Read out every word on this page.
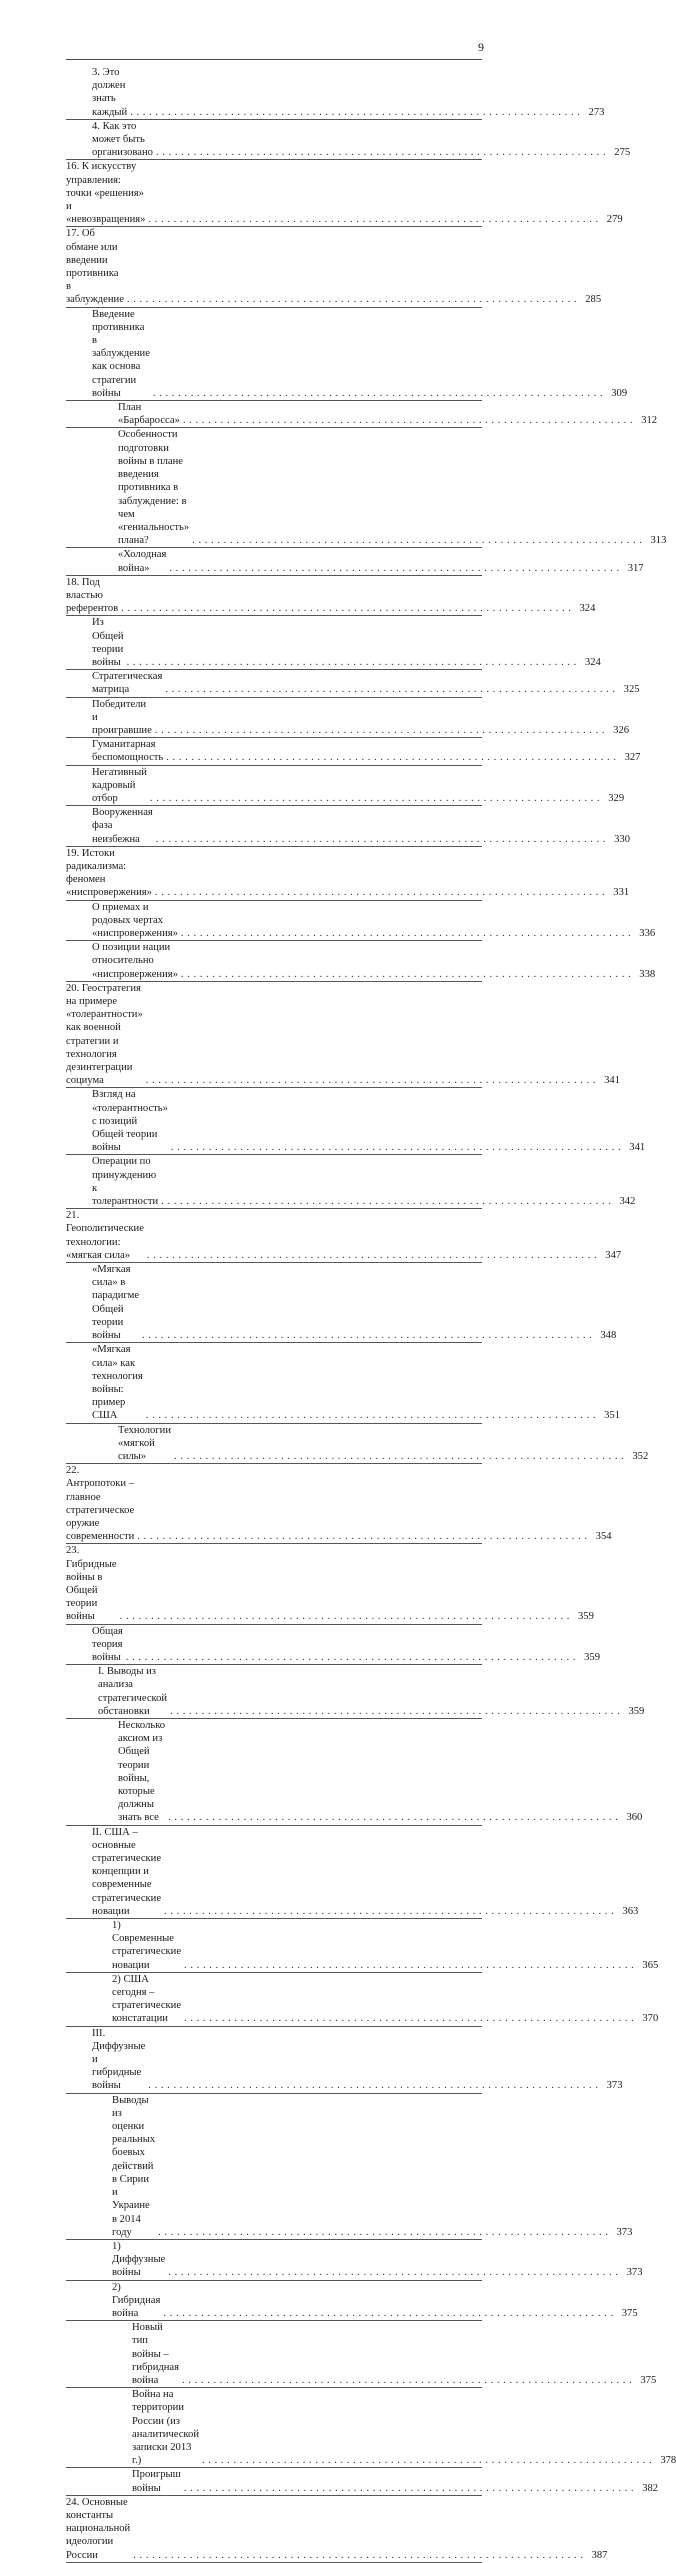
9
3. Это должен знать каждый . . . . . . . . . . . . . . . . . . . . . . . . . . . . . . . . . . . . . . . . . . . . . . . . . . . . . . . . . . . . . . . . . . . . . . . . 273
4. Как это может быть организовано . . . . . . . . . . . . . . . . . . . . . . . . . . . . . . . . . . . . . . . . . . . . . . . . . . . . . . . . . . . . . . . . . . . . . . . . 275
16. К искусству управления: точки «решения» и «невозвращения» . . . . . . . . . . . . . . . . . . . . . . . . . . . . . . . . . . . . . . . . . . . . . . . . . . . . . . . . . . . . . . . . . . . . . . . . 279
17. Об обмане или введении противника в заблуждение . . . . . . . . . . . . . . . . . . . . . . . . . . . . . . . . . . . . . . . . . . . . . . . . . . . . . . . . . . . . . . . . . . . . . . . . 285
Введение противника в заблуждение как основа стратегии войны	. . . . . . . . . . . . . . . . . . . . . . . . . . . . . . . . . . . . . . . . . . . . . . . . . . . . . . . . . . . . . . . . . . . . . . . . 309
План «Барбаросса» . . . . . . . . . . . . . . . . . . . . . . . . . . . . . . . . . . . . . . . . . . . . . . . . . . . . . . . . . . . . . . . . . . . . . . . . 312
Особенности подготовки войны в плане введения противника в заблуждение: в чем «гениальность» плана?	. . . . . . . . . . . . . . . . . . . . . . . . . . . . . . . . . . . . . . . . . . . . . . . . . . . . . . . . . . . . . . . . . . . . . . . . 313
«Холодная война»	. . . . . . . . . . . . . . . . . . . . . . . . . . . . . . . . . . . . . . . . . . . . . . . . . . . . . . . . . . . . . . . . . . . . . . . . 317
18. Под властью референтов . . . . . . . . . . . . . . . . . . . . . . . . . . . . . . . . . . . . . . . . . . . . . . . . . . . . . . . . . . . . . . . . . . . . . . . . 324
Из Общей теории войны . . . . . . . . . . . . . . . . . . . . . . . . . . . . . . . . . . . . . . . . . . . . . . . . . . . . . . . . . . . . . . . . . . . . . . . . 324
Стратегическая матрица	. . . . . . . . . . . . . . . . . . . . . . . . . . . . . . . . . . . . . . . . . . . . . . . . . . . . . . . . . . . . . . . . . . . . . . . . 325
Победители и проигравшие . . . . . . . . . . . . . . . . . . . . . . . . . . . . . . . . . . . . . . . . . . . . . . . . . . . . . . . . . . . . . . . . . . . . . . . . 326
Гуманитарная беспомощность . . . . . . . . . . . . . . . . . . . . . . . . . . . . . . . . . . . . . . . . . . . . . . . . . . . . . . . . . . . . . . . . . . . . . . . . 327
Негативный кадровый отбор	. . . . . . . . . . . . . . . . . . . . . . . . . . . . . . . . . . . . . . . . . . . . . . . . . . . . . . . . . . . . . . . . . . . . . . . . 329
Вооруженная фаза неизбежна	. . . . . . . . . . . . . . . . . . . . . . . . . . . . . . . . . . . . . . . . . . . . . . . . . . . . . . . . . . . . . . . . . . . . . . . . 330
19. Истоки радикализма: феномен «ниспровержения» . . . . . . . . . . . . . . . . . . . . . . . . . . . . . . . . . . . . . . . . . . . . . . . . . . . . . . . . . . . . . . . . . . . . . . . . 331
О приемах и родовых чертах «ниспровержения» . . . . . . . . . . . . . . . . . . . . . . . . . . . . . . . . . . . . . . . . . . . . . . . . . . . . . . . . . . . . . . . . . . . . . . . . 336
О позиции нации относительно «ниспровержения» . . . . . . . . . . . . . . . . . . . . . . . . . . . . . . . . . . . . . . . . . . . . . . . . . . . . . . . . . . . . . . . . . . . . . . . . 338
20. Геостратегия на примере «толерантности» как военной стратегии и технология дезинтеграции социума	. . . . . . . . . . . . . . . . . . . . . . . . . . . . . . . . . . . . . . . . . . . . . . . . . . . . . . . . . . . . . . . . . . . . . . . . 341
Взгляд на «толерантность» с позиций Общей теории войны	. . . . . . . . . . . . . . . . . . . . . . . . . . . . . . . . . . . . . . . . . . . . . . . . . . . . . . . . . . . . . . . . . . . . . . . . 341
Операции по принуждению к толерантности . . . . . . . . . . . . . . . . . . . . . . . . . . . . . . . . . . . . . . . . . . . . . . . . . . . . . . . . . . . . . . . . . . . . . . . . 342
21. Геополитические технологии: «мягкая сила»	. . . . . . . . . . . . . . . . . . . . . . . . . . . . . . . . . . . . . . . . . . . . . . . . . . . . . . . . . . . . . . . . . . . . . . . . 347
«Мягкая сила» в парадигме Общей теории войны	. . . . . . . . . . . . . . . . . . . . . . . . . . . . . . . . . . . . . . . . . . . . . . . . . . . . . . . . . . . . . . . . . . . . . . . . 348
«Мягкая сила» как технология войны: пример США	. . . . . . . . . . . . . . . . . . . . . . . . . . . . . . . . . . . . . . . . . . . . . . . . . . . . . . . . . . . . . . . . . . . . . . . . 351
Технологии «мягкой силы»	. . . . . . . . . . . . . . . . . . . . . . . . . . . . . . . . . . . . . . . . . . . . . . . . . . . . . . . . . . . . . . . . . . . . . . . . 352
22. Антропотоки – главное стратегическое оружие современности . . . . . . . . . . . . . . . . . . . . . . . . . . . . . . . . . . . . . . . . . . . . . . . . . . . . . . . . . . . . . . . . . . . . . . . . 354
23. Гибридные войны в Общей теории войны	. . . . . . . . . . . . . . . . . . . . . . . . . . . . . . . . . . . . . . . . . . . . . . . . . . . . . . . . . . . . . . . . . . . . . . . . 359
Общая теория войны . . . . . . . . . . . . . . . . . . . . . . . . . . . . . . . . . . . . . . . . . . . . . . . . . . . . . . . . . . . . . . . . . . . . . . . . 359
I. Выводы из анализа стратегической обстановки	. . . . . . . . . . . . . . . . . . . . . . . . . . . . . . . . . . . . . . . . . . . . . . . . . . . . . . . . . . . . . . . . . . . . . . . . 359
Несколько аксиом из Общей теории войны, которые должны знать все . . . . . . . . . . . . . . . . . . . . . . . . . . . . . . . . . . . . . . . . . . . . . . . . . . . . . . . . . . . . . . . . . . . . . . . . 360
II. США – основные стратегические концепции и современные стратегические новации	. . . . . . . . . . . . . . . . . . . . . . . . . . . . . . . . . . . . . . . . . . . . . . . . . . . . . . . . . . . . . . . . . . . . . . . . 363
1) Современные стратегические новации	. . . . . . . . . . . . . . . . . . . . . . . . . . . . . . . . . . . . . . . . . . . . . . . . . . . . . . . . . . . . . . . . . . . . . . . . 365
2) США сегодня – стратегические констатации	. . . . . . . . . . . . . . . . . . . . . . . . . . . . . . . . . . . . . . . . . . . . . . . . . . . . . . . . . . . . . . . . . . . . . . . . 370
III. Диффузные и гибридные войны	. . . . . . . . . . . . . . . . . . . . . . . . . . . . . . . . . . . . . . . . . . . . . . . . . . . . . . . . . . . . . . . . . . . . . . . . 373
Выводы из оценки реальных боевых действий в Сирии и Украине в 2014 году	. . . . . . . . . . . . . . . . . . . . . . . . . . . . . . . . . . . . . . . . . . . . . . . . . . . . . . . . . . . . . . . . . . . . . . . . 373
1) Диффузные войны	. . . . . . . . . . . . . . . . . . . . . . . . . . . . . . . . . . . . . . . . . . . . . . . . . . . . . . . . . . . . . . . . . . . . . . . . 373
2) Гибридная война	. . . . . . . . . . . . . . . . . . . . . . . . . . . . . . . . . . . . . . . . . . . . . . . . . . . . . . . . . . . . . . . . . . . . . . . . 375
Новый тип войны – гибридная война	. . . . . . . . . . . . . . . . . . . . . . . . . . . . . . . . . . . . . . . . . . . . . . . . . . . . . . . . . . . . . . . . . . . . . . . . 375
Война на территории России (из аналитической записки 2013 г.)	. . . . . . . . . . . . . . . . . . . . . . . . . . . . . . . . . . . . . . . . . . . . . . . . . . . . . . . . . . . . . . . . . . . . . . . . 378
Проигрыш войны	. . . . . . . . . . . . . . . . . . . . . . . . . . . . . . . . . . . . . . . . . . . . . . . . . . . . . . . . . . . . . . . . . . . . . . . . 382
24. Основные константы национальной идеологии России	. . . . . . . . . . . . . . . . . . . . . . . . . . . . . . . . . . . . . . . . . . . . . . . . . . . . . . . . . . . . . . . . . . . . . . . . 387
